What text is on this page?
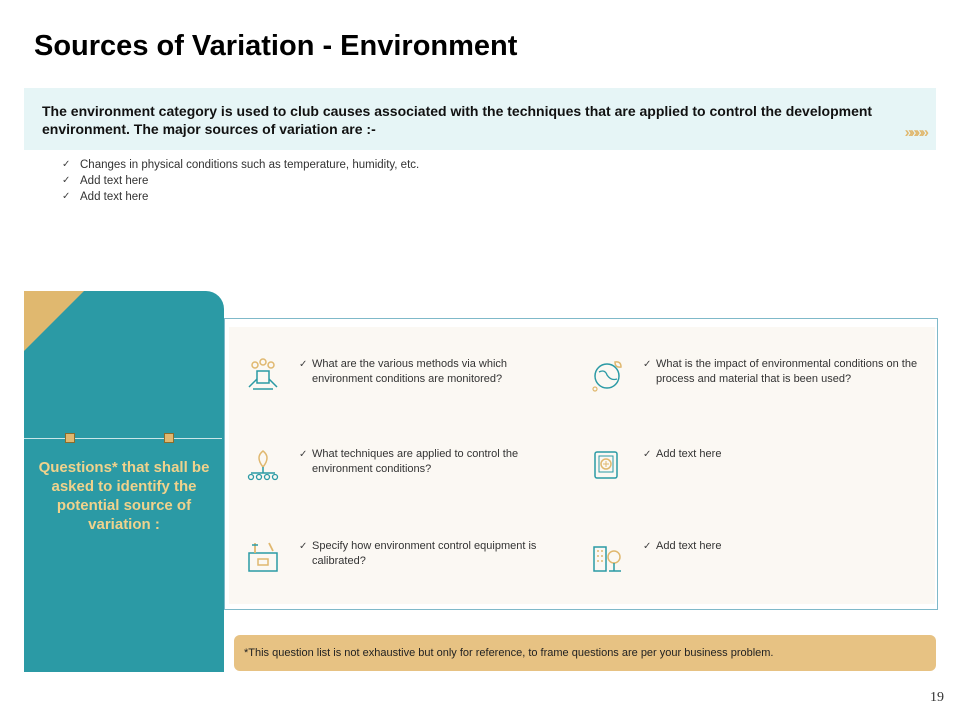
Sources of Variation - Environment
The environment category is used to club causes associated with the techniques that are applied to control the development environment. The major sources of variation are :-	»»»»
✓ Changes in physical conditions such as temperature, humidity, etc.
✓ Add text here
✓ Add text here
Questions* that shall be asked to identify the potential source of variation :
✓ What are the various methods via which environment conditions are monitored?
✓ What is the impact of environmental conditions on the process and material that is been used?
✓ What techniques are applied to control the environment conditions?
✓ Add text here
✓ Specify how environment control equipment is calibrated?
✓ Add text here
*This question list is not exhaustive but only for reference, to frame questions are per your business problem.
19
